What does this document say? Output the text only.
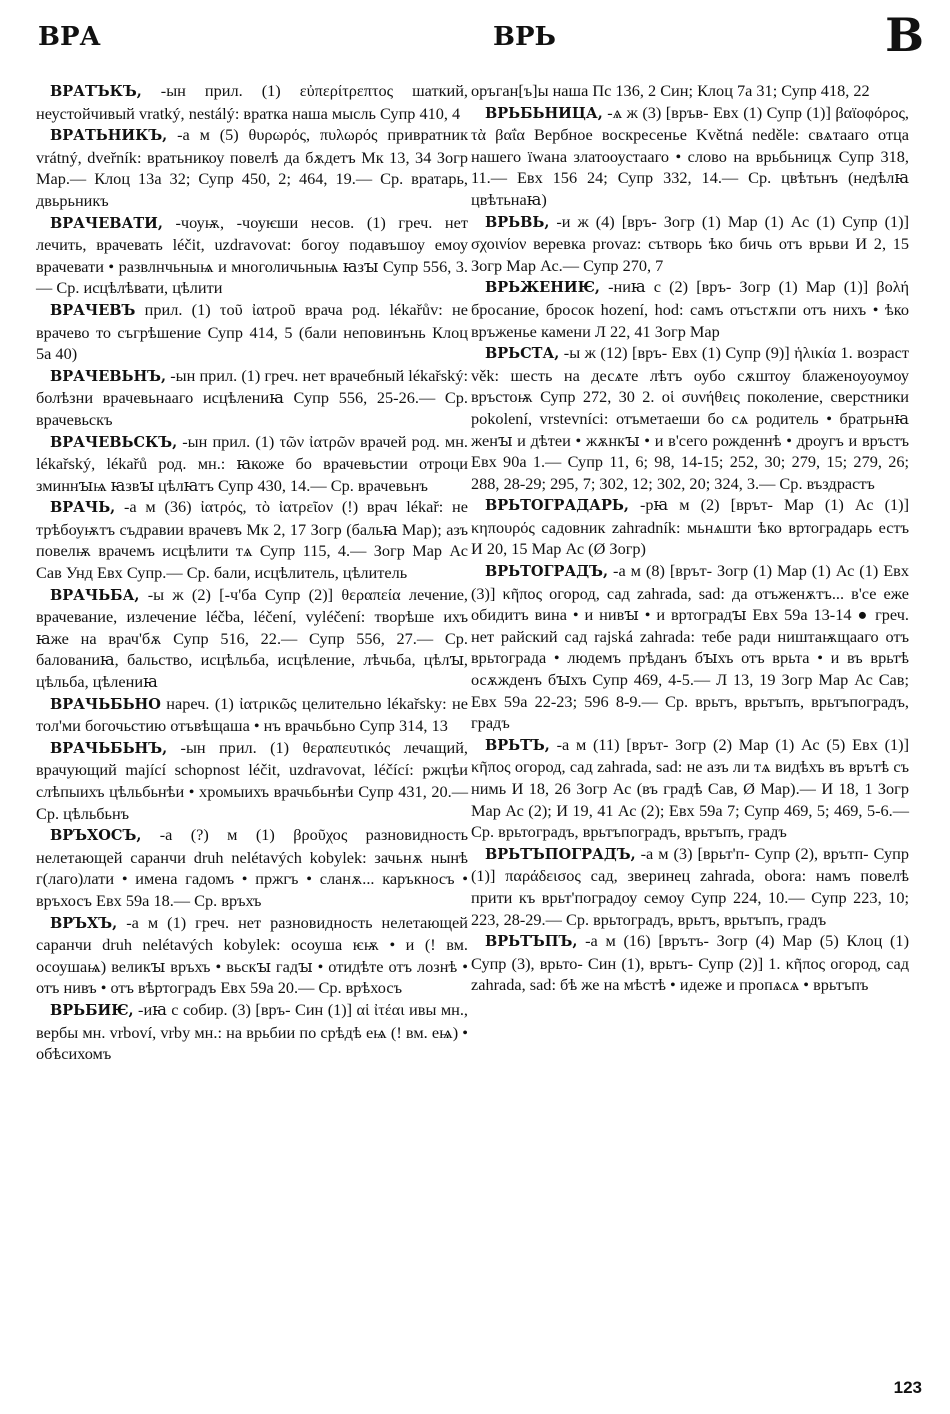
ВРА	ВРЬ	В

ВРАТЪКЪ, -ын прил. (1) εὐπερίτρεπτος шаткий, неустойчивый vratký, nestálý: вратка наша мысль Супр 410, 4

ВРАТЬНИКЪ, -а м (5) θυρωρός, πυλωρός привратник vrátný, dveřník: вратьникоу повелѣ да бѫдетъ Мк 13, 34 Зогр Мар.— Клоц 13а 32; Супр 450, 2; 464, 19.— Ср. вратарь, двьрьникъ

ВРАЧЕВАТИ, -чоуѭ, -чоуѥши несов. (1) греч. нет лечить, врачевать léčit, uzdravovat: богоу подавъшоу емоу врачевати • развлнчьныѩ и многоличьныѩ ꙗзꙑ Супр 556, 3.— Ср. исцѣлѣвати, цѣлити

ВРАЧЕВЪ прил. (1) τοῦ ἰατροῦ врача род. lékařův: не врачево то съгрѣшение Супр 414, 5 (бали неповинънь Клоц 5а 40)

ВРАЧЕВЬНЪ, -ын прил. (1) греч. нет врачебный lékařský: болѣзни врачевьнааго исцѣлениꙗ Супр 556, 25-26.— Ср. врачевьскъ

ВРАЧЕВЬСКЪ, -ын прил. (1) τῶν ἰατρῶν врачей род. мн. lékařský, lékařů род. мн.: ꙗкоже бо врачевьстии отроци зминнꙑѩ ꙗзвꙑ цѣлꙗтъ Супр 430, 14.— Ср. врачевьнъ

ВРАЧЬ, -а м (36) ἰατρός, τὸ ἰατρεῖον (!) врач lékař: не трѣбоуѭтъ съдравии врачевъ Мк 2, 17 Зогр (бальꙗ Мар); азъ повелѭ врачемъ исцѣлити тѧ Супр 115, 4.— Зогр Мар Ас Сав Унд Евх Супр.— Ср. бали, исцѣлитель, цѣлитель

ВРАЧЬБА, -ы ж (2) [-ч'ба Супр (2)] θεραπεία лечение, врачевание, излечение léčba, léčení, vyléčení: творѣше ихъ ꙗже на врач'бѫ Супр 516, 22.— Супр 556, 27.— Ср. балованиꙗ, бальство, исцѣльба, исцѣление, лѣчьба, цѣлꙑ, цѣльба, цѣлениꙗ

ВРАЧЬБЬНО нареч. (1) ἰατρικῶς целительно lékařsky: не тол'ми богочьстию отъвѣщаша • нъ врачьбьно Супр 314, 13

ВРАЧЬБЬНЪ, -ын прил. (1) θεραπευτικός лечащий, врачующий mající schopnost léčit, uzdravovat, léčící: ржцѣи слѣпыихъ цѣльбьнѣи • хромыихъ врачьбьнѣи Супр 431, 20.— Ср. цѣльбьнъ

ВРЪХОСЪ, -а (?) м (1) βροῦχος разновидность нелетающей саранчи druh nelétavých kobylek: зачьнѫ нынѣ г(лаго)лати • имена гадомъ • пржгъ • сланѫ... каръкносъ • връхосъ Евх 59а 18.— Ср. връхъ

ВРЪХЪ, -а м (1) греч. нет разновидность нелетающей саранчи druh nelétavých kobylek: осоуша ѥѭ • и (! вм. осоушаѩ) великꙑ връхъ • вьскꙑ гадꙑ • отидѣте отъ лознѣ • отъ нивъ • отъ вѣртоградъ Евх 59а 20.— Ср. врѣхосъ

ВРЬБИѤ, -иꙗ с собир. (3) [връ- Син (1)] αἱ ἰτέαι ивы мн., вербы мн. vrboví, vrby мн.: на врьбии по срѣдѣ еѩ (! вм. еѩ) • обѣсихомъ

оръган[ъ]ы наша Пс 136, 2 Син; Клоц 7а 31; Супр 418, 22

ВРЬБЬНИЦА, -ѧ ж (3) [връв- Евх (1) Супр (1)] βαϊοφόρος, τὰ βαΐα Вербное воскресенье Květná neděle: свѧтааго отца нашего їwана златооустааго • слово на врьбьницѫ Супр 318, 11.— Евх 156 24; Супр 332, 14.— Ср. цвѣтьнъ (недѣлꙗ цвѣтьнаꙗ)

ВРЬВЬ, -и ж (4) [връ- Зогр (1) Мар (1) Ас (1) Супр (1)] σχοινίον веревка provaz: сътворь ѣко бичь отъ врьви И 2, 15 Зогр Мар Ас.— Супр 270, 7

ВРЬЖЕНИѤ, -ниꙗ с (2) [връ- Зогр (1) Мар (1)] βολή бросание, бросок hození, hod: самъ отъстѫпи отъ нихъ • ѣко връженье камени Л 22, 41 Зогр Мар

ВРЬСТА, -ы ж (12) [връ- Евх (1) Супр (9)] ἡλικία 1. возраст věk: шесть на десѧте лѣтъ оубо сѫштоу блаженоуоумоу връстоѭ Супр 272, 30 2. οἱ συνήθεις поколение, сверстники pokolení, vrstevníci: отъметаеши бо сѧ родитель • братрьнꙗ женꙑ и дѣтеи • жѫнкꙑ • и в'сего рожденнѣ • дроугъ и връстъ Евх 90а 1.— Супр 11, 6; 98, 14-15; 252, 30; 279, 15; 279, 26; 288, 28-29; 295, 7; 302, 12; 302, 20; 324, 3.— Ср. въздрастъ

ВРЬТОГРАДАРЬ, -рꙗ м (2) [врът- Мар (1) Ас (1)] κηπουρός садовник zahradník: мьнѧшти ѣко вртоградарь естъ И 20, 15 Мар Ас (Ø Зогр)

ВРЬТОГРАДЪ, -а м (8) [врът- Зогр (1) Мар (1) Ас (1) Евх (3)] κῆπος огород, сад zahrada, sad: да отъженѫтъ... в'се еже обидитъ вина • и нивꙑ • и вртоградꙑ Евх 59а 13-14 ● греч. нет райский сад rajská zahrada: тебе ради ништаѭщааго отъ врьтограда • людемъ прѣданъ бꙑхъ отъ врьта • и въ врьтѣ осѫжденъ бꙑхъ Супр 469, 4-5.— Л 13, 19 Зогр Мар Ас Сав; Евх 59а 22-23; 596 8-9.— Ср. врьтъ, врьтъпъ, врьтъпоградъ, градъ

ВРЬТЪ, -а м (11) [врът- Зогр (2) Мар (1) Ас (5) Евх (1)] κῆπος огород, сад zahrada, sad: не азъ ли тѧ видѣхъ въ врътѣ съ нимь И 18, 26 Зогр Ас (въ градѣ Сав, Ø Мар).— И 18, 1 Зогр Мар Ас (2); И 19, 41 Ас (2); Евх 59а 7; Супр 469, 5; 469, 5-6.— Ср. врьтоградъ, врьтъпоградъ, врьтъпъ, градъ

ВРЬТЪПОГРАДЪ, -а м (3) [врьт'п- Супр (2), врътп- Супр (1)] παράδεισος сад, зверинец zahrada, obora: намъ повелѣ прити къ врьт'поградоу семоу Супр 224, 10.— Супр 223, 10; 223, 28-29.— Ср. врьтоградъ, врьтъ, врьтъпъ, градъ

ВРЬТЪПЪ, -а м (16) [врътъ- Зогр (4) Мар (5) Клоц (1) Супр (3), врьто- Син (1), врьтъ- Супр (2)] 1. κῆπος огород, сад zahrada, sad: бѣ же на мѣстѣ • идеже и пропѧсѧ • врьтъпъ

123
